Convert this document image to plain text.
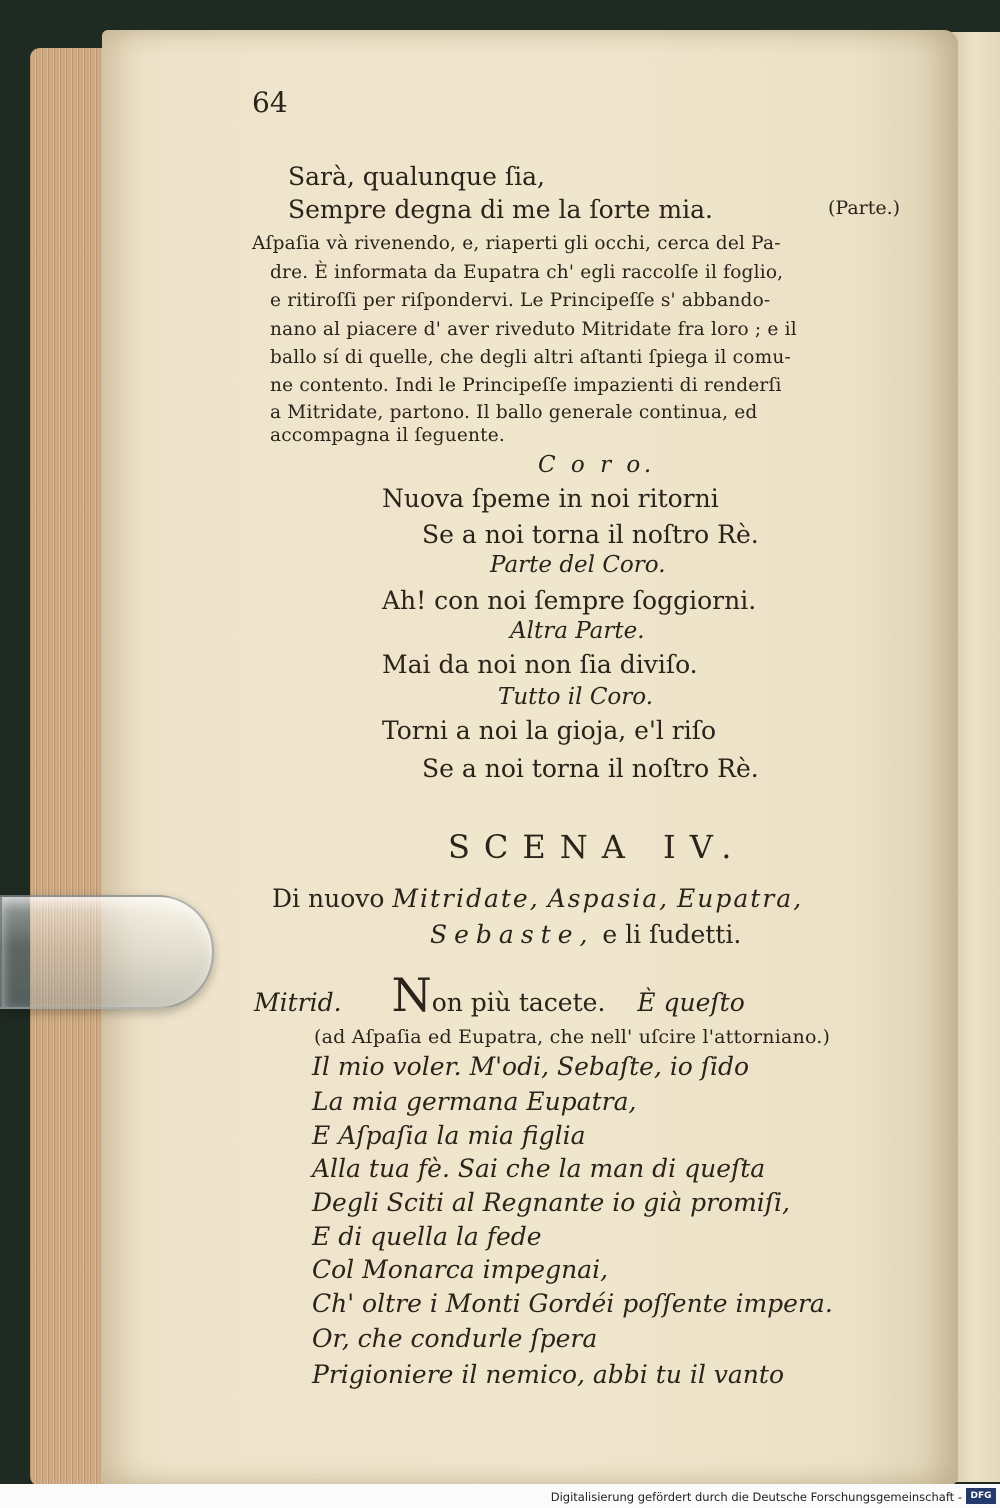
64
Sarà, qualunque ſia,
Sempre degna di me la ſorte mia.	(Parte.)
Aſpaſia và rivenendo, e, riaperti gli occhi, cerca del Pa-
dre. È informata da Eupatra ch' egli raccolſe il foglio,
e ritiroſſi per riſpondervi. Le Principeſſe s' abbando-
nano al piacere d' aver riveduto Mitridate fra loro ; e il
ballo sí di quelle, che degli altri aſtanti ſpiega il comu-
ne contento. Indi le Principeſſe impazienti di renderſi
a Mitridate, partono. Il ballo generale continua, ed
accompagna il ſeguente.
C o r o.
Nuova ſpeme in noi ritorni
Se a noi torna il noſtro Rè.
Parte del Coro.
Ah! con noi ſempre ſoggiorni.
Altra Parte.
Mai da noi non ſia diviſo.
Tutto il Coro.
Torni a noi la gioja, e'l riſo
Se a noi torna il noſtro Rè.
SCENA IV.
Di nuovo Mitridate, Aspasia, Eupatra,
Sebaste, e li ſudetti.
Mitrid. Non più tacete. È queſto
(ad Aſpaſia ed Eupatra, che nell' uſcire l'attorniano.)
Il mio voler. M'odi, Sebaſte, io ſido
La mia germana Eupatra,
E Aſpaſia la mia figlia
Alla tua fè. Sai che la man di queſta
Degli Sciti al Regnante io già promiſi,
E di quella la fede
Col Monarca impegnai,
Ch' oltre i Monti Gordéi poſſente impera.
Or, che condurle ſpera
Prigioniere il nemico, abbi tu il vanto
Digitalisierung gefördert durch die Deutsche Forschungsgemeinschaft - DFG
